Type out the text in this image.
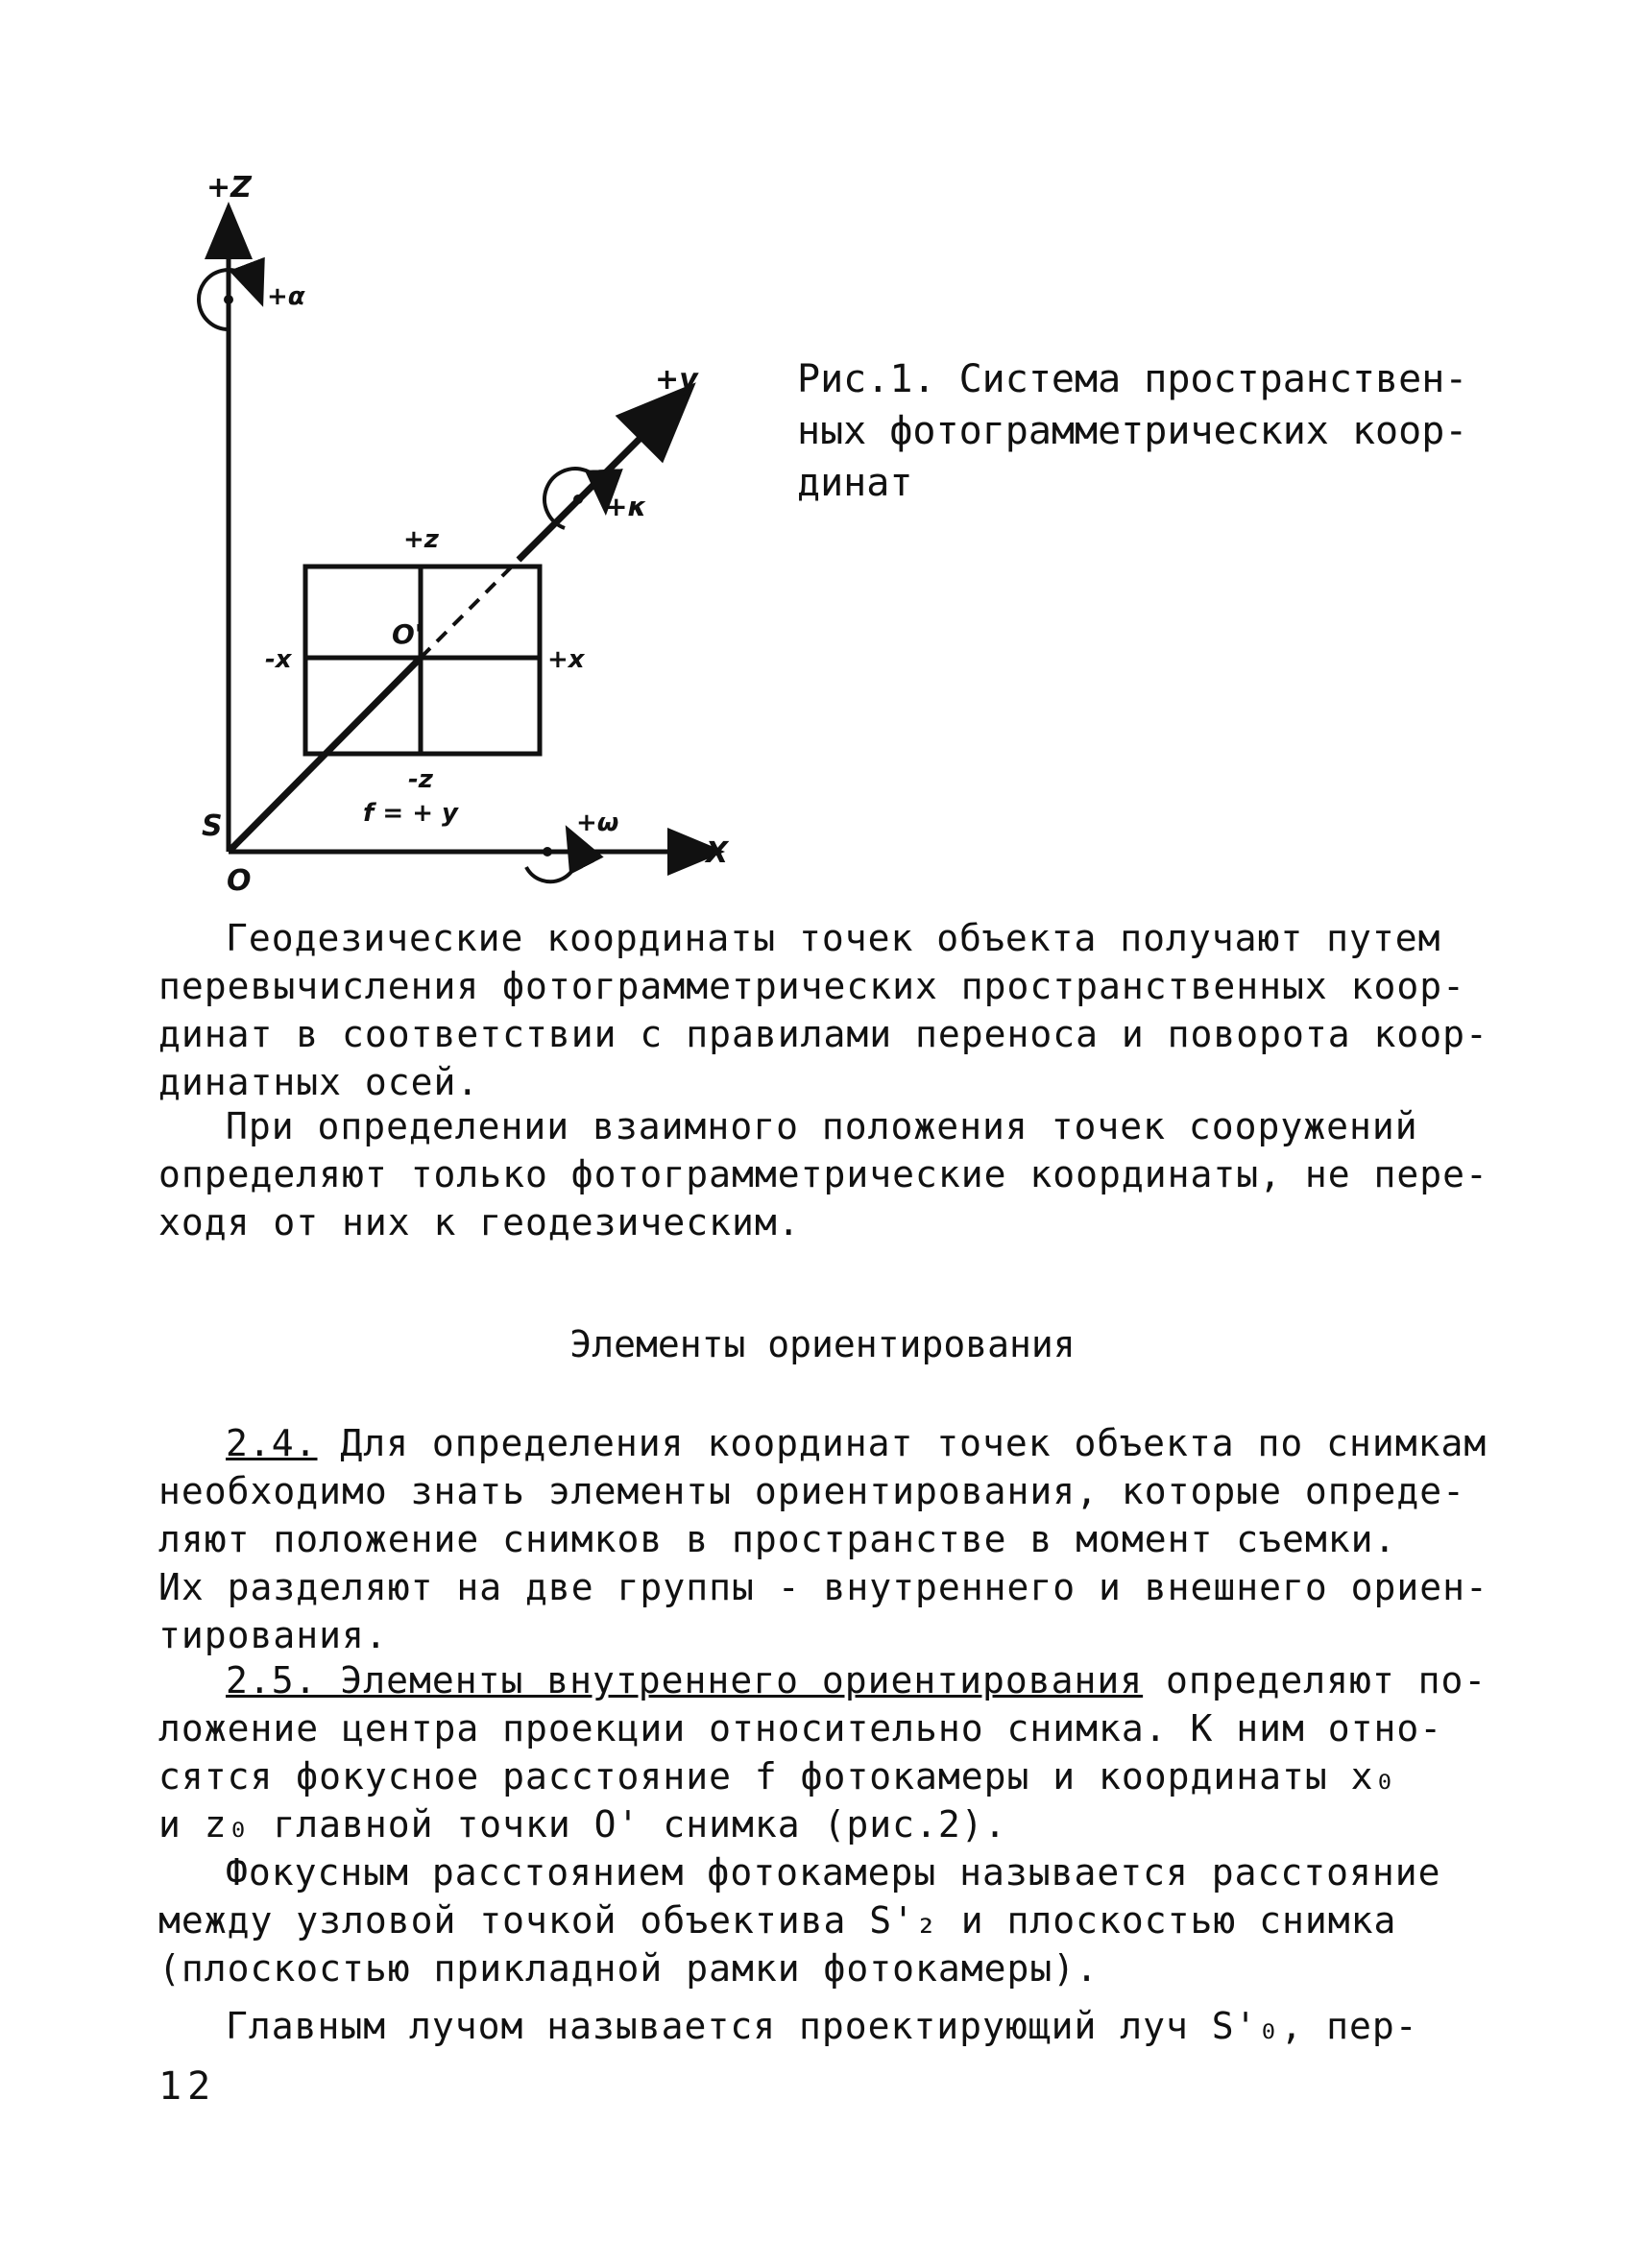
+Z
+α
+y
+κ
+z
-x
O'
+x
-z
f = + y
S
O
+ω
X

Рис.1. Система пространствен-

ных фотограмметрических коор-

динат

Геодезические координаты точек объекта получают путем

перевычисления фотограмметрических пространственных коор-

динат в соответствии с правилами переноса и поворота коор-

динатных осей.

При определении взаимного положения точек сооружений

определяют только фотограмметрические координаты, не пере-

ходя от них к геодезическим.

Элементы ориентирования

2.4. Для определения координат точек объекта по снимкам

необходимо знать элементы ориентирования, которые опреде-

ляют положение снимков в пространстве в момент съемки.

Их разделяют на две группы - внутреннего и внешнего ориен-

тирования.

2.5. Элементы внутреннего ориентирования определяют по-

ложение центра проекции относительно снимка. К ним отно-

сятся фокусное расстояние f фотокамеры и координаты x₀

и z₀ главной точки O' снимка (рис.2).

Фокусным расстоянием фотокамеры называется расстояние

между узловой точкой объектива S'₂ и плоскостью снимка

(плоскостью прикладной рамки фотокамеры).

Главным лучом называется проектирующий луч S'₀, пер-

12
